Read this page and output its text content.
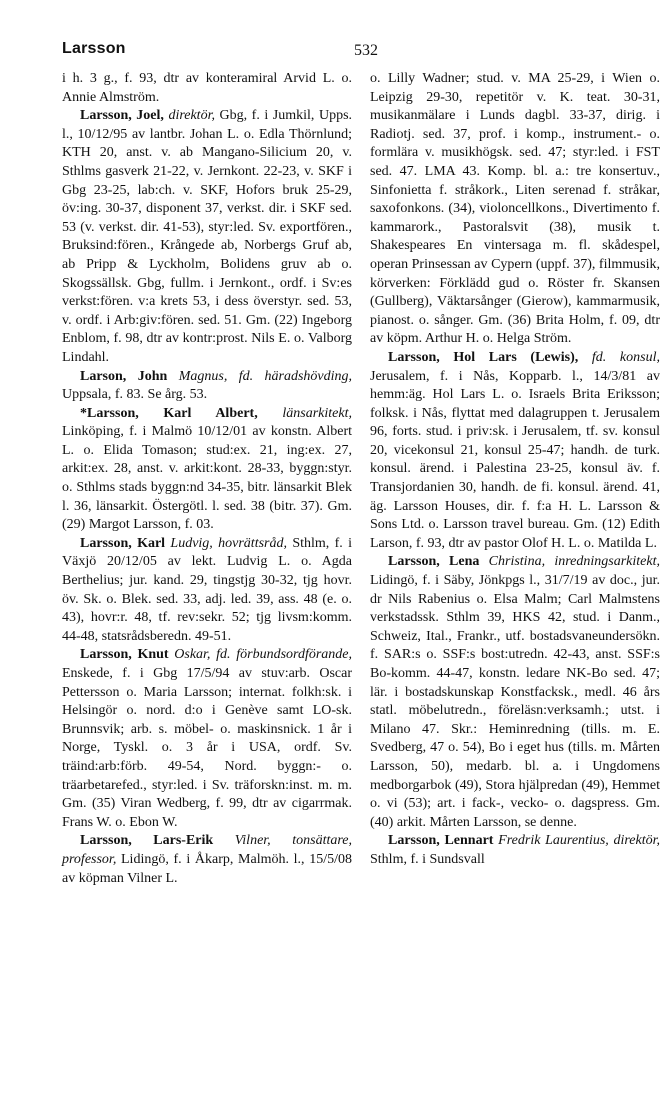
Larsson	532

i h. 3 g., f. 93, dtr av konteramiral Arvid L. o. Annie Almström.

Larsson, Joel, direktör, Gbg, f. i Jumkil, Upps. l., 10/12/95 av lantbr. Johan L. o. Edla Thörnlund; KTH 20, anst. v. ab Mangano-Silicium 20, v. Sthlms gasverk 21-22, v. Jernkont. 22-23, v. SKF i Gbg 23-25, lab:ch. v. SKF, Hofors bruk 25-29, öv:ing. 30-37, disponent 37, verkst. dir. i SKF sed. 53 (v. verkst. dir. 41-53), styr:led. Sv. exportfören., Bruksind:fören., Krångede ab, Norbergs Gruf ab, ab Pripp & Lyckholm, Bolidens gruv ab o. Skogssällsk. Gbg, fullm. i Jernkont., ordf. i Sv:es verkst:fören. v:a krets 53, i dess överstyr. sed. 53, v. ordf. i Arb:giv:fören. sed. 51. Gm. (22) Ingeborg Enblom, f. 98, dtr av kontr:prost. Nils E. o. Valborg Lindahl.

Larson, John Magnus, fd. häradshövding, Uppsala, f. 83. Se årg. 53.

*Larsson, Karl Albert, länsarkitekt, Linköping, f. i Malmö 10/12/01 av konstn. Albert L. o. Elida Tomason; stud:ex. 21, ing:ex. 27, arkit:ex. 28, anst. v. arkit:kont. 28-33, byggn:styr. o. Sthlms stads byggn:nd 34-35, bitr. länsarkit Blek l. 36, länsarkit. Östergötl. l. sed. 38 (bitr. 37). Gm. (29) Margot Larsson, f. 03.

Larsson, Karl Ludvig, hovrättsråd, Sthlm, f. i Växjö 20/12/05 av lekt. Ludvig L. o. Agda Berthelius; jur. kand. 29, tingstjg 30-32, tjg hovr. öv. Sk. o. Blek. sed. 33, adj. led. 39, ass. 48 (e. o. 43), hovr:r. 48, tf. rev:sekr. 52; tjg livsm:komm. 44-48, statsrådsberedn. 49-51.

Larsson, Knut Oskar, fd. förbundsordförande, Enskede, f. i Gbg 17/5/94 av stuv:arb. Oscar Pettersson o. Maria Larsson; internat. folkh:sk. i Helsingör o. nord. d:o i Genève samt LO-sk. Brunnsvik; arb. s. möbel- o. maskinsnick. 1 år i Norge, Tyskl. o. 3 år i USA, ordf. Sv. träind:arb:förb. 49-54, Nord. byggn:- o. träarbetarefed., styr:led. i Sv. träforskn:inst. m. m. Gm. (35) Viran Wedberg, f. 99, dtr av cigarrmak. Frans W. o. Ebon W.

Larsson, Lars-Erik Vilner, tonsättare, professor, Lidingö, f. i Åkarp, Malmöh. l., 15/5/08 av köpman Vilner L.

o. Lilly Wadner; stud. v. MA 25-29, i Wien o. Leipzig 29-30, repetitör v. K. teat. 30-31, musikanmälare i Lunds dagbl. 33-37, dirig. i Radiotj. sed. 37, prof. i komp., instrument.- o. formlära v. musikhögsk. sed. 47; styr:led. i FST sed. 47. LMA 43. Komp. bl. a.: tre konsertuv., Sinfonietta f. stråkork., Liten serenad f. stråkar, saxofonkons. (34), violoncellkons., Divertimento f. kammarork., Pastoralsvit (38), musik t. Shakespeares En vintersaga m. fl. skådespel, operan Prinsessan av Cypern (uppf. 37), filmmusik, körverken: Förklädd gud o. Röster fr. Skansen (Gullberg), Väktarsånger (Gierow), kammarmusik, pianost. o. sånger. Gm. (36) Brita Holm, f. 09, dtr av köpm. Arthur H. o. Helga Ström.

Larsson, Hol Lars (Lewis), fd. konsul, Jerusalem, f. i Nås, Kopparb. l., 14/3/81 av hemm:äg. Hol Lars L. o. Israels Brita Eriksson; folksk. i Nås, flyttat med dalagruppen t. Jerusalem 96, forts. stud. i priv:sk. i Jerusalem, tf. sv. konsul 20, vicekonsul 21, konsul 25-47; handh. de turk. konsul. ärend. i Palestina 23-25, konsul äv. f. Transjordanien 30, handh. de fi. konsul. ärend. 41, äg. Larsson Houses, dir. f. f:a H. L. Larsson & Sons Ltd. o. Larsson travel bureau. Gm. (12) Edith Larson, f. 93, dtr av pastor Olof H. L. o. Matilda L.

Larsson, Lena Christina, inredningsarkitekt, Lidingö, f. i Säby, Jönkpgs l., 31/7/19 av doc., jur. dr Nils Rabenius o. Elsa Malm; Carl Malmstens verkstadssk. Sthlm 39, HKS 42, stud. i Danm., Schweiz, Ital., Frankr., utf. bostadsvaneundersökn. f. SAR:s o. SSF:s bost:utredn. 42-43, anst. SSF:s Bo-komm. 44-47, konstn. ledare NK-Bo sed. 47; lär. i bostadskunskap Konstfacksk., medl. 46 års statl. möbelutredn., föreläsn:verksamh.; utst. i Milano 47. Skr.: Heminredning (tills. m. E. Svedberg, 47 o. 54), Bo i eget hus (tills. m. Mårten Larsson, 50), medarb. bl. a. i Ungdomens medborgarbok (49), Stora hjälpredan (49), Hemmet o. vi (53); art. i fack-, vecko- o. dagspress. Gm. (40) arkit. Mårten Larsson, se denne.

Larsson, Lennart Fredrik Laurentius, direktör, Sthlm, f. i Sundsvall
